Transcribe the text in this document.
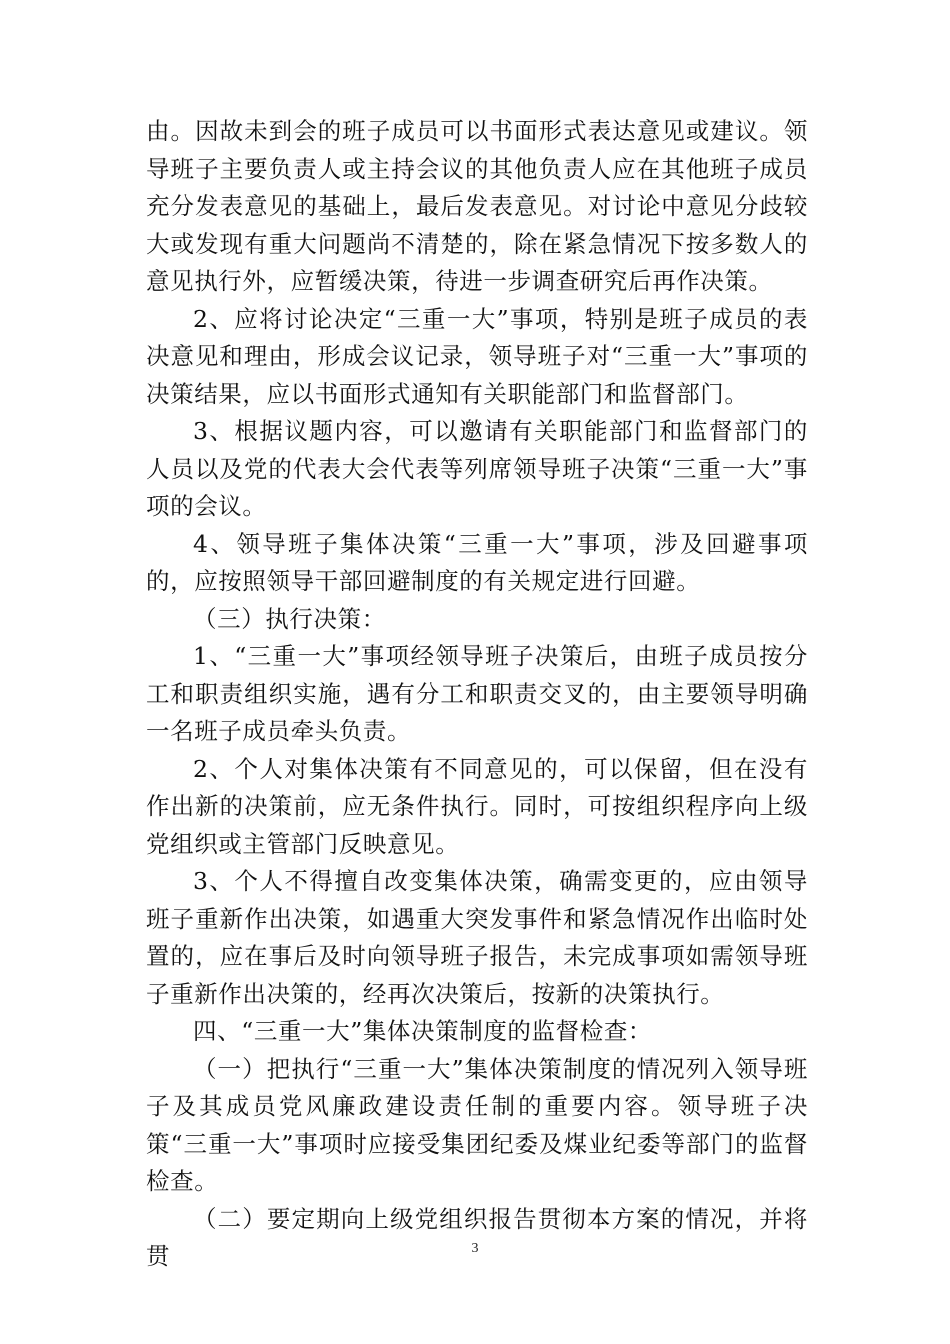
由。因故未到会的班子成员可以书面形式表达意见或建议。领导班子主要负责人或主持会议的其他负责人应在其他班子成员充分发表意见的基础上，最后发表意见。对讨论中意见分歧较大或发现有重大问题尚不清楚的，除在紧急情况下按多数人的意见执行外，应暂缓决策，待进一步调查研究后再作决策。

2、应将讨论决定“三重一大”事项，特别是班子成员的表决意见和理由，形成会议记录，领导班子对“三重一大”事项的决策结果，应以书面形式通知有关职能部门和监督部门。

3、根据议题内容，可以邀请有关职能部门和监督部门的人员以及党的代表大会代表等列席领导班子决策“三重一大”事项的会议。

4、领导班子集体决策“三重一大”事项，涉及回避事项的，应按照领导干部回避制度的有关规定进行回避。

（三）执行决策：

1、“三重一大”事项经领导班子决策后，由班子成员按分工和职责组织实施，遇有分工和职责交叉的，由主要领导明确一名班子成员牵头负责。

2、个人对集体决策有不同意见的，可以保留，但在没有作出新的决策前，应无条件执行。同时，可按组织程序向上级党组织或主管部门反映意见。

3、个人不得擅自改变集体决策，确需变更的，应由领导班子重新作出决策，如遇重大突发事件和紧急情况作出临时处置的，应在事后及时向领导班子报告，未完成事项如需领导班子重新作出决策的，经再次决策后，按新的决策执行。

四、“三重一大”集体决策制度的监督检查：

（一）把执行“三重一大”集体决策制度的情况列入领导班子及其成员党风廉政建设责任制的重要内容。领导班子决策“三重一大”事项时应接受集团纪委及煤业纪委等部门的监督检查。

（二）要定期向上级党组织报告贯彻本方案的情况，并将贯	3
